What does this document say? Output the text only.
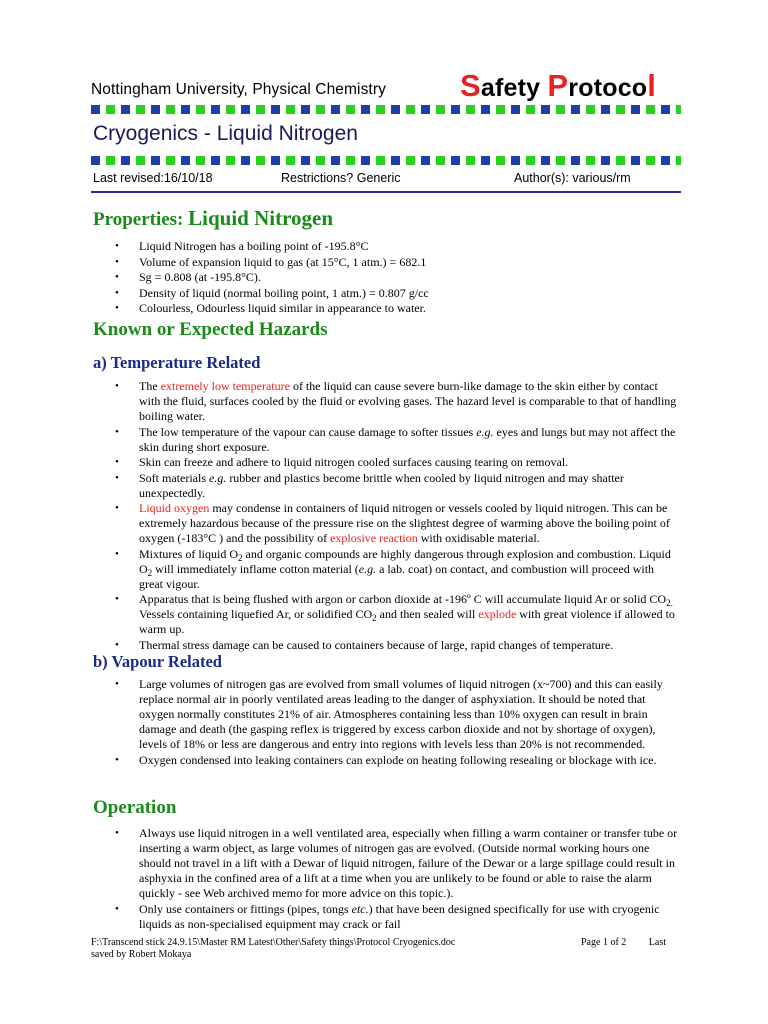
Nottingham University, Physical Chemistry Safety Protocol
Cryogenics - Liquid Nitrogen
Last revised:16/10/18	Restrictions? Generic	Author(s): various/rm
Properties: Liquid Nitrogen
• Liquid Nitrogen has a boiling point of -195.8°C
• Volume of expansion liquid to gas (at 15°C, 1 atm.) = 682.1
• Sg = 0.808 (at -195.8°C).
• Density of liquid (normal boiling point, 1 atm.) = 0.807 g/cc
• Colourless, Odourless liquid similar in appearance to water.
Known or Expected Hazards
a) Temperature Related
• The extremely low temperature of the liquid can cause severe burn-like damage to the skin either by contact with the fluid, surfaces cooled by the fluid or evolving gases. The hazard level is comparable to that of handling boiling water.
• The low temperature of the vapour can cause damage to softer tissues e.g. eyes and lungs but may not affect the skin during short exposure.
• Skin can freeze and adhere to liquid nitrogen cooled surfaces causing tearing on removal.
• Soft materials e.g. rubber and plastics become brittle when cooled by liquid nitrogen and may shatter unexpectedly.
• Liquid oxygen may condense in containers of liquid nitrogen or vessels cooled by liquid nitrogen. This can be extremely hazardous because of the pressure rise on the slightest degree of warming above the boiling point of oxygen (-183°C ) and the possibility of explosive reaction with oxidisable material.
• Mixtures of liquid $O_2$ and organic compounds are highly dangerous through explosion and combustion. Liquid $O_2$ will immediately inflame cotton material (e.g. a lab. coat) on contact, and combustion will proceed with great vigour.
• Apparatus that is being flushed with argon or carbon dioxide at -196º C will accumulate liquid Ar or solid $CO_{2.}$ Vessels containing liquefied Ar, or solidified $CO_2$ and then sealed will explode with great violence if allowed to warm up.
• Thermal stress damage can be caused to containers because of large, rapid changes of temperature.
b) Vapour Related
• Large volumes of nitrogen gas are evolved from small volumes of liquid nitrogen (x~700) and this can easily replace normal air in poorly ventilated areas leading to the danger of asphyxiation. It should be noted that oxygen normally constitutes 21% of air. Atmospheres containing less than 10% oxygen can result in brain damage and death (the gasping reflex is triggered by excess carbon dioxide and not by shortage of oxygen), levels of 18% or less are dangerous and entry into regions with levels less than 20% is not recommended.
• Oxygen condensed into leaking containers can explode on heating following resealing or blockage with ice.
Operation
• Always use liquid nitrogen in a well ventilated area, especially when filling a warm container or transfer tube or inserting a warm object, as large volumes of nitrogen gas are evolved. (Outside normal working hours one should not travel in a lift with a Dewar of liquid nitrogen, failure of the Dewar or a large spillage could result in asphyxia in the confined area of a lift at a time when you are unlikely to be found or able to raise the alarm quickly - see Web archived memo for more advice on this topic.).
• Only use containers or fittings (pipes, tongs etc.) that have been designed specifically for use with cryogenic liquids as non-specialised equipment may crack or fail
F:\Transcend stick 24.9.15\Master RM Latest\Other\Safety things\Protocol Cryogenics.doc
saved by Robert Mokaya
Page 1 of 2 Last
